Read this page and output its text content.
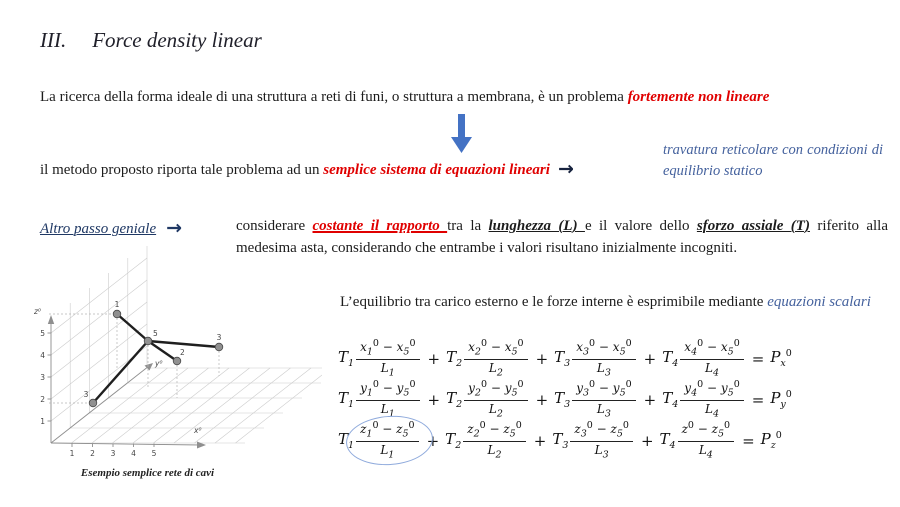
III. Force density linear
La ricerca della forma ideale di una struttura a reti di funi, o struttura a membrana, è un problema fortemente non lineare
il metodo proposto riporta tale problema ad un semplice sistema di equazioni lineari →
travatura reticolare con condizioni di equilibrio statico
Altro passo geniale →	considerare costante il rapporto tra la lunghezza (L) e il valore dello sforzo assiale (T) riferito alla medesima asta, considerando che entrambe i valori risultano inizialmente incogniti.
1
5
2
3
3
z⁰
x⁰
y⁰
1
2
3
4
5
1 2 3 4 5
Esempio semplice rete di cavi
L’equilibrio tra carico esterno e le forze interne è esprimibile mediante equazioni scalari
$T_1 \frac{x_1^0 - x_5^0}{L_1} + T_2 \frac{x_2^0 - x_5^0}{L_2} + T_3 \frac{x_3^0 - x_5^0}{L_3} + T_4 \frac{x_4^0 - x_5^0}{L_4} = P_x^0$
$T_1 \frac{y_1^0 - y_5^0}{L_1} + T_2 \frac{y_2^0 - y_5^0}{L_2} + T_3 \frac{y_3^0 - y_5^0}{L_3} + T_4 \frac{y_4^0 - y_5^0}{L_4} = P_y^0$
$T_1 \frac{z_1^0 - z_5^0}{L_1} + T_2 \frac{z_2^0 - z_5^0}{L_2} + T_3 \frac{z_3^0 - z_5^0}{L_3} + T_4 \frac{z^0 - z_5^0}{L_4} = P_z^0$
